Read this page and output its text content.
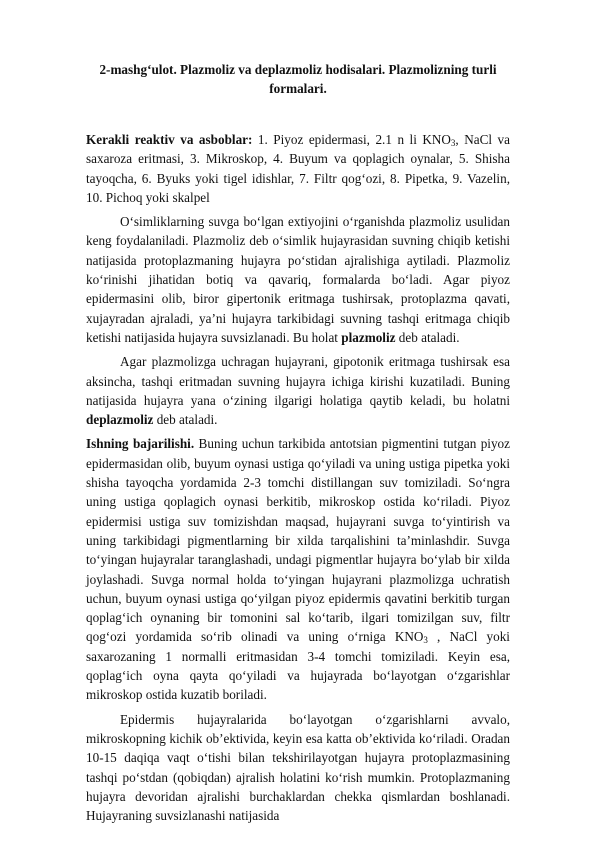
2-mashg‘ulot. Plazmoliz va deplazmoliz hodisalari. Plazmolizning turli formalari.

Kerakli reaktiv va asboblar: 1. Piyoz epidermasi, 2.1 n li $KNO_3$, NaCl va saxaroza eritmasi, 3. Mikroskop, 4. Buyum va qoplagich oynalar, 5. Shisha tayoqcha, 6. Byuks yoki tigel idishlar, 7. Filtr qog‘ozi, 8. Pipetka, 9. Vazelin, 10. Pichoq yoki skalpel

O‘simliklarning suvga bo‘lgan extiyojini o‘rganishda plazmoliz usulidan keng foydalaniladi. Plazmoliz deb o‘simlik hujayrasidan suvning chiqib ketishi natijasida protoplazmaning hujayra po‘stidan ajralishiga aytiladi. Plazmoliz ko‘rinishi jihatidan botiq va qavariq, formalarda bo‘ladi. Agar piyoz epidermasini olib, biror gipertonik eritmaga tushirsak, protoplazma qavati, xujayradan ajraladi, ya’ni hujayra tarkibidagi suvning tashqi eritmaga chiqib ketishi natijasida hujayra suvsizlanadi. Bu holat plazmoliz deb ataladi.

Agar plazmolizga uchragan hujayrani, gipotonik eritmaga tushirsak esa aksincha, tashqi eritmadan suvning hujayra ichiga kirishi kuzatiladi. Buning natijasida hujayra yana o‘zining ilgarigi holatiga qaytib keladi, bu holatni deplazmoliz deb ataladi.

Ishning bajarilishi. Buning uchun tarkibida antotsian pigmentini tutgan piyoz epidermasidan olib, buyum oynasi ustiga qo‘yiladi va uning ustiga pipetka yoki shisha tayoqcha yordamida 2-3 tomchi distillangan suv tomiziladi. So‘ngra uning ustiga qoplagich oynasi berkitib, mikroskop ostida ko‘riladi. Piyoz epidermisi ustiga suv tomizishdan maqsad, hujayrani suvga to‘yintirish va uning tarkibidagi pigmentlarning bir xilda tarqalishini ta’minlashdir. Suvga to‘yingan hujayralar taranglashadi, undagi pigmentlar hujayra bo‘ylab bir xilda joylashadi. Suvga normal holda to‘yingan hujayrani plazmolizga uchratish uchun, buyum oynasi ustiga qo‘yilgan piyoz epidermis qavatini berkitib turgan qoplag‘ich oynaning bir tomonini sal ko‘tarib, ilgari tomizilgan suv, filtr qog‘ozi yordamida so‘rib olinadi va uning o‘rniga $KNO_3$ , NaCl yoki saxarozaning 1 normalli eritmasidan 3-4 tomchi tomiziladi. Keyin esa, qoplag‘ich oyna qayta qo‘yiladi va hujayrada bo‘layotgan o‘zgarishlar mikroskop ostida kuzatib boriladi.

Epidermis hujayralarida bo‘layotgan o‘zgarishlarni avvalo, mikroskopning kichik ob’ektivida, keyin esa katta ob’ektivida ko‘riladi. Oradan 10-15 daqiqa vaqt o‘tishi bilan tekshirilayotgan hujayra protoplazmasining tashqi po‘stdan (qobiqdan) ajralish holatini ko‘rish mumkin. Protoplazmaning hujayra devoridan ajralishi burchaklardan chekka qismlardan boshlanadi. Hujayraning suvsizlanashi natijasida
